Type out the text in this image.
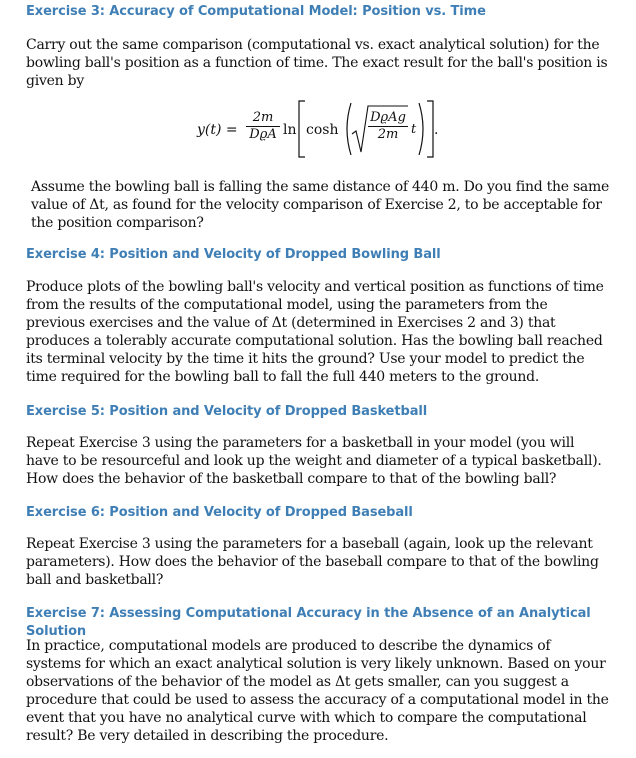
Exercise 3: Accuracy of Computational Model: Position vs. Time

Carry out the same comparison (computational vs. exact analytical solution) for the

bowling ball's position as a function of time. The exact result for the ball's position is

given by

y(t) =
2m
DϱA ln cosh
DϱAg
2m t .

Assume the bowling ball is falling the same distance of 440 m. Do you find the same

value of Δt, as found for the velocity comparison of Exercise 2, to be acceptable for

the position comparison?

Exercise 4: Position and Velocity of Dropped Bowling Ball

Produce plots of the bowling ball's velocity and vertical position as functions of time

from the results of the computational model, using the parameters from the

previous exercises and the value of Δt (determined in Exercises 2 and 3) that

produces a tolerably accurate computational solution. Has the bowling ball reached

its terminal velocity by the time it hits the ground? Use your model to predict the

time required for the bowling ball to fall the full 440 meters to the ground.

Exercise 5: Position and Velocity of Dropped Basketball

Repeat Exercise 3 using the parameters for a basketball in your model (you will

have to be resourceful and look up the weight and diameter of a typical basketball).

How does the behavior of the basketball compare to that of the bowling ball?

Exercise 6: Position and Velocity of Dropped Baseball

Repeat Exercise 3 using the parameters for a baseball (again, look up the relevant

parameters). How does the behavior of the baseball compare to that of the bowling

ball and basketball?

Exercise 7: Assessing Computational Accuracy in the Absence of an Analytical Solution

In practice, computational models are produced to describe the dynamics of

systems for which an exact analytical solution is very likely unknown. Based on your

observations of the behavior of the model as Δt gets smaller, can you suggest a

procedure that could be used to assess the accuracy of a computational model in the

event that you have no analytical curve with which to compare the computational

result? Be very detailed in describing the procedure.
